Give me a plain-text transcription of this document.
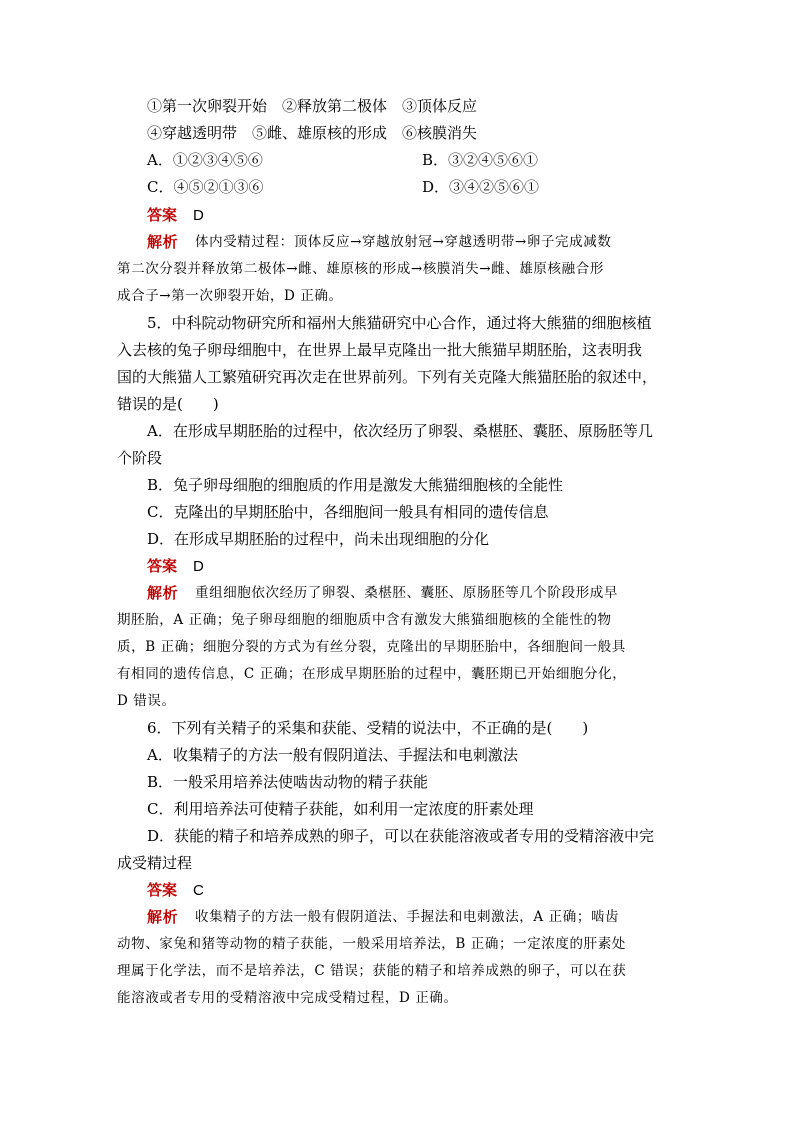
①第一次卵裂开始　②释放第二极体　③顶体反应
④穿越透明带　⑤雌、雄原核的形成　⑥核膜消失
A．①②③④⑤⑥	B．③②④⑤⑥①
C．④⑤②①③⑥	D．③④②⑤⑥①
答案 D
解析 体内受精过程：顶体反应→穿越放射冠→穿越透明带→卵子完成减数
第二次分裂并释放第二极体→雌、雄原核的形成→核膜消失→雌、雄原核融合形
成合子→第一次卵裂开始，D 正确。
5．中科院动物研究所和福州大熊猫研究中心合作，通过将大熊猫的细胞核植
入去核的兔子卵母细胞中，在世界上最早克隆出一批大熊猫早期胚胎，这表明我
国的大熊猫人工繁殖研究再次走在世界前列。下列有关克隆大熊猫胚胎的叙述中，
错误的是(　　)
A．在形成早期胚胎的过程中，依次经历了卵裂、桑椹胚、囊胚、原肠胚等几
个阶段
B．兔子卵母细胞的细胞质的作用是激发大熊猫细胞核的全能性
C．克隆出的早期胚胎中，各细胞间一般具有相同的遗传信息
D．在形成早期胚胎的过程中，尚未出现细胞的分化
答案 D
解析 重组细胞依次经历了卵裂、桑椹胚、囊胚、原肠胚等几个阶段形成早
期胚胎，A 正确；兔子卵母细胞的细胞质中含有激发大熊猫细胞核的全能性的物
质，B 正确；细胞分裂的方式为有丝分裂，克隆出的早期胚胎中，各细胞间一般具
有相同的遗传信息，C 正确；在形成早期胚胎的过程中，囊胚期已开始细胞分化，
D 错误。
6．下列有关精子的采集和获能、受精的说法中，不正确的是(　　)
A．收集精子的方法一般有假阴道法、手握法和电刺激法
B．一般采用培养法使啮齿动物的精子获能
C．利用培养法可使精子获能，如利用一定浓度的肝素处理
D．获能的精子和培养成熟的卵子，可以在获能溶液或者专用的受精溶液中完
成受精过程
答案 C
解析 收集精子的方法一般有假阴道法、手握法和电刺激法，A 正确；啮齿
动物、家兔和猪等动物的精子获能，一般采用培养法，B 正确；一定浓度的肝素处
理属于化学法，而不是培养法，C 错误；获能的精子和培养成熟的卵子，可以在获
能溶液或者专用的受精溶液中完成受精过程，D 正确。
